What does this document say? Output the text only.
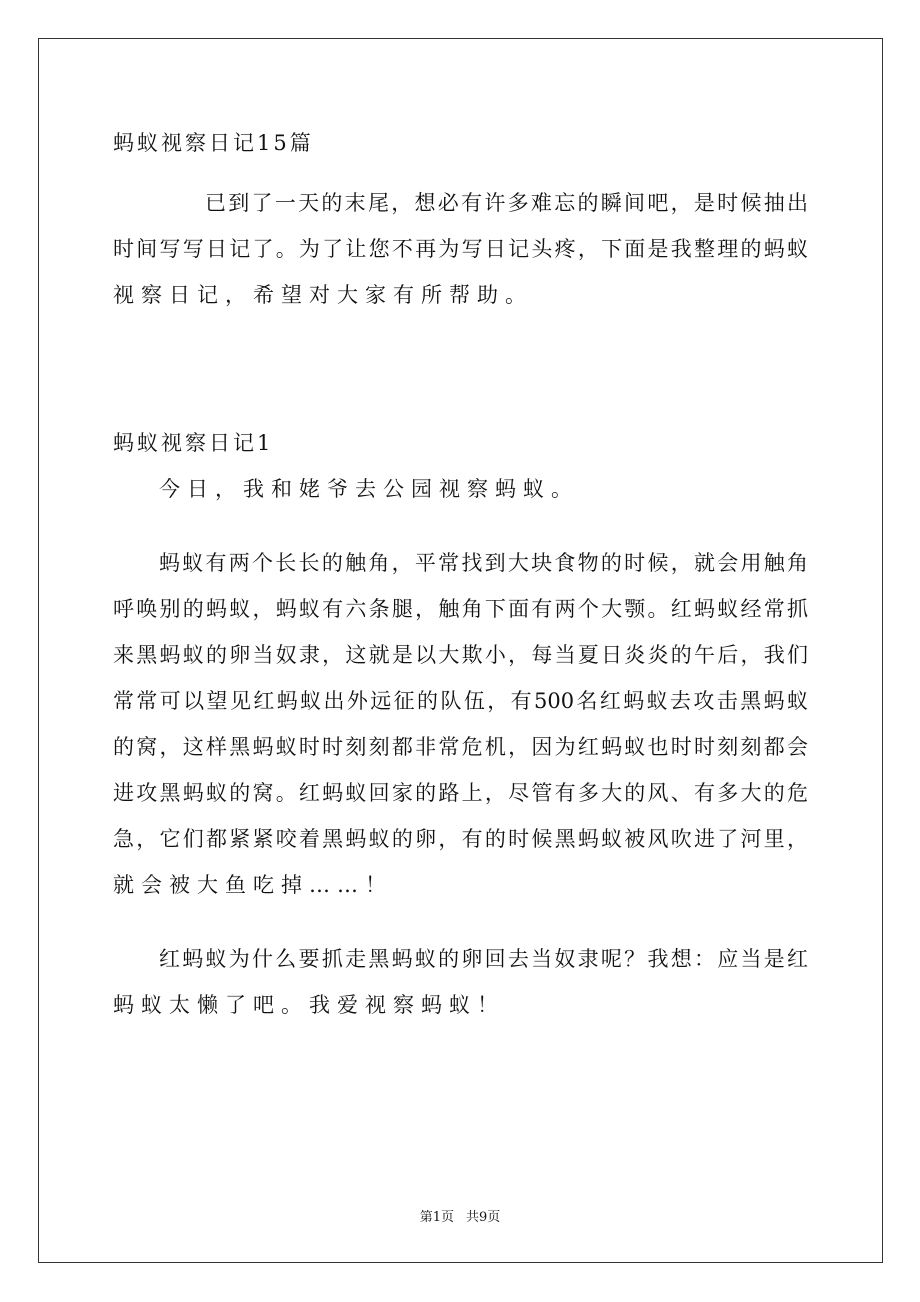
蚂蚁视察日记15篇
已到了一天的末尾，想必有许多难忘的瞬间吧，是时候抽出
时间写写日记了。为了让您不再为写日记头疼，下面是我整理的蚂蚁
视察日记，希望对大家有所帮助。
蚂蚁视察日记1
今日，我和姥爷去公园视察蚂蚁。
蚂蚁有两个长长的触角，平常找到大块食物的时候，就会用触角
呼唤别的蚂蚁，蚂蚁有六条腿，触角下面有两个大颚。红蚂蚁经常抓
来黑蚂蚁的卵当奴隶，这就是以大欺小，每当夏日炎炎的午后，我们
常常可以望见红蚂蚁出外远征的队伍，有500名红蚂蚁去攻击黑蚂蚁
的窝，这样黑蚂蚁时时刻刻都非常危机，因为红蚂蚁也时时刻刻都会
进攻黑蚂蚁的窝。红蚂蚁回家的路上，尽管有多大的风、有多大的危
急，它们都紧紧咬着黑蚂蚁的卵，有的时候黑蚂蚁被风吹进了河里，
就会被大鱼吃掉……！
红蚂蚁为什么要抓走黑蚂蚁的卵回去当奴隶呢？我想：应当是红
蚂蚁太懒了吧。我爱视察蚂蚁！
第1页 共9页
